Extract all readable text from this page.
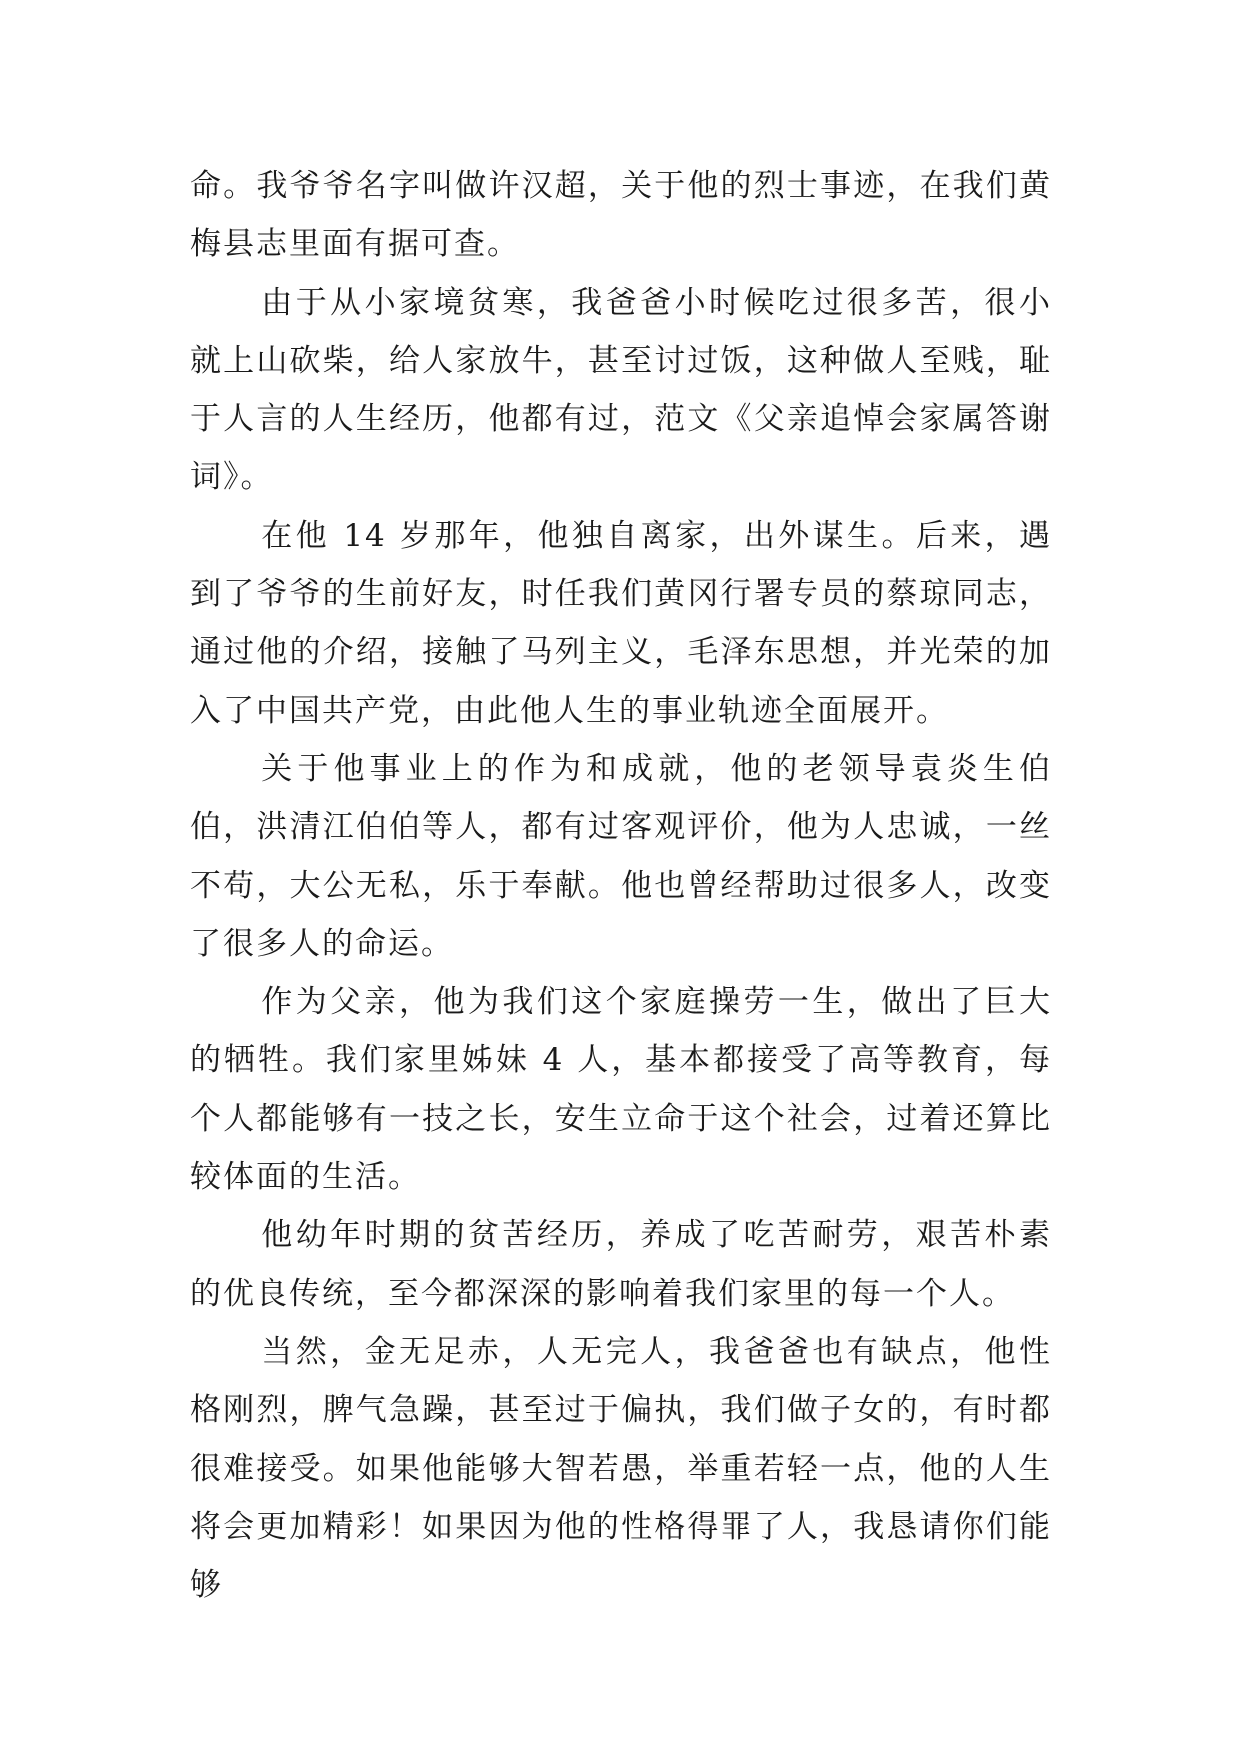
命。我爷爷名字叫做许汉超，关于他的烈士事迹，在我们黄梅县志里面有据可查。

由于从小家境贫寒，我爸爸小时候吃过很多苦，很小就上山砍柴，给人家放牛，甚至讨过饭，这种做人至贱，耻于人言的人生经历，他都有过，范文《父亲追悼会家属答谢词》。

在他 14 岁那年，他独自离家，出外谋生。后来，遇到了爷爷的生前好友，时任我们黄冈行署专员的蔡琼同志，通过他的介绍，接触了马列主义，毛泽东思想，并光荣的加入了中国共产党，由此他人生的事业轨迹全面展开。

关于他事业上的作为和成就，他的老领导袁炎生伯伯，洪清江伯伯等人，都有过客观评价，他为人忠诚，一丝不苟，大公无私，乐于奉献。他也曾经帮助过很多人，改变了很多人的命运。

作为父亲，他为我们这个家庭操劳一生，做出了巨大的牺牲。我们家里姊妹 4 人，基本都接受了高等教育，每个人都能够有一技之长，安生立命于这个社会，过着还算比较体面的生活。

他幼年时期的贫苦经历，养成了吃苦耐劳，艰苦朴素的优良传统，至今都深深的影响着我们家里的每一个人。

当然，金无足赤，人无完人，我爸爸也有缺点，他性格刚烈，脾气急躁，甚至过于偏执，我们做子女的，有时都很难接受。如果他能够大智若愚，举重若轻一点，他的人生将会更加精彩！如果因为他的性格得罪了人，我恳请你们能够
